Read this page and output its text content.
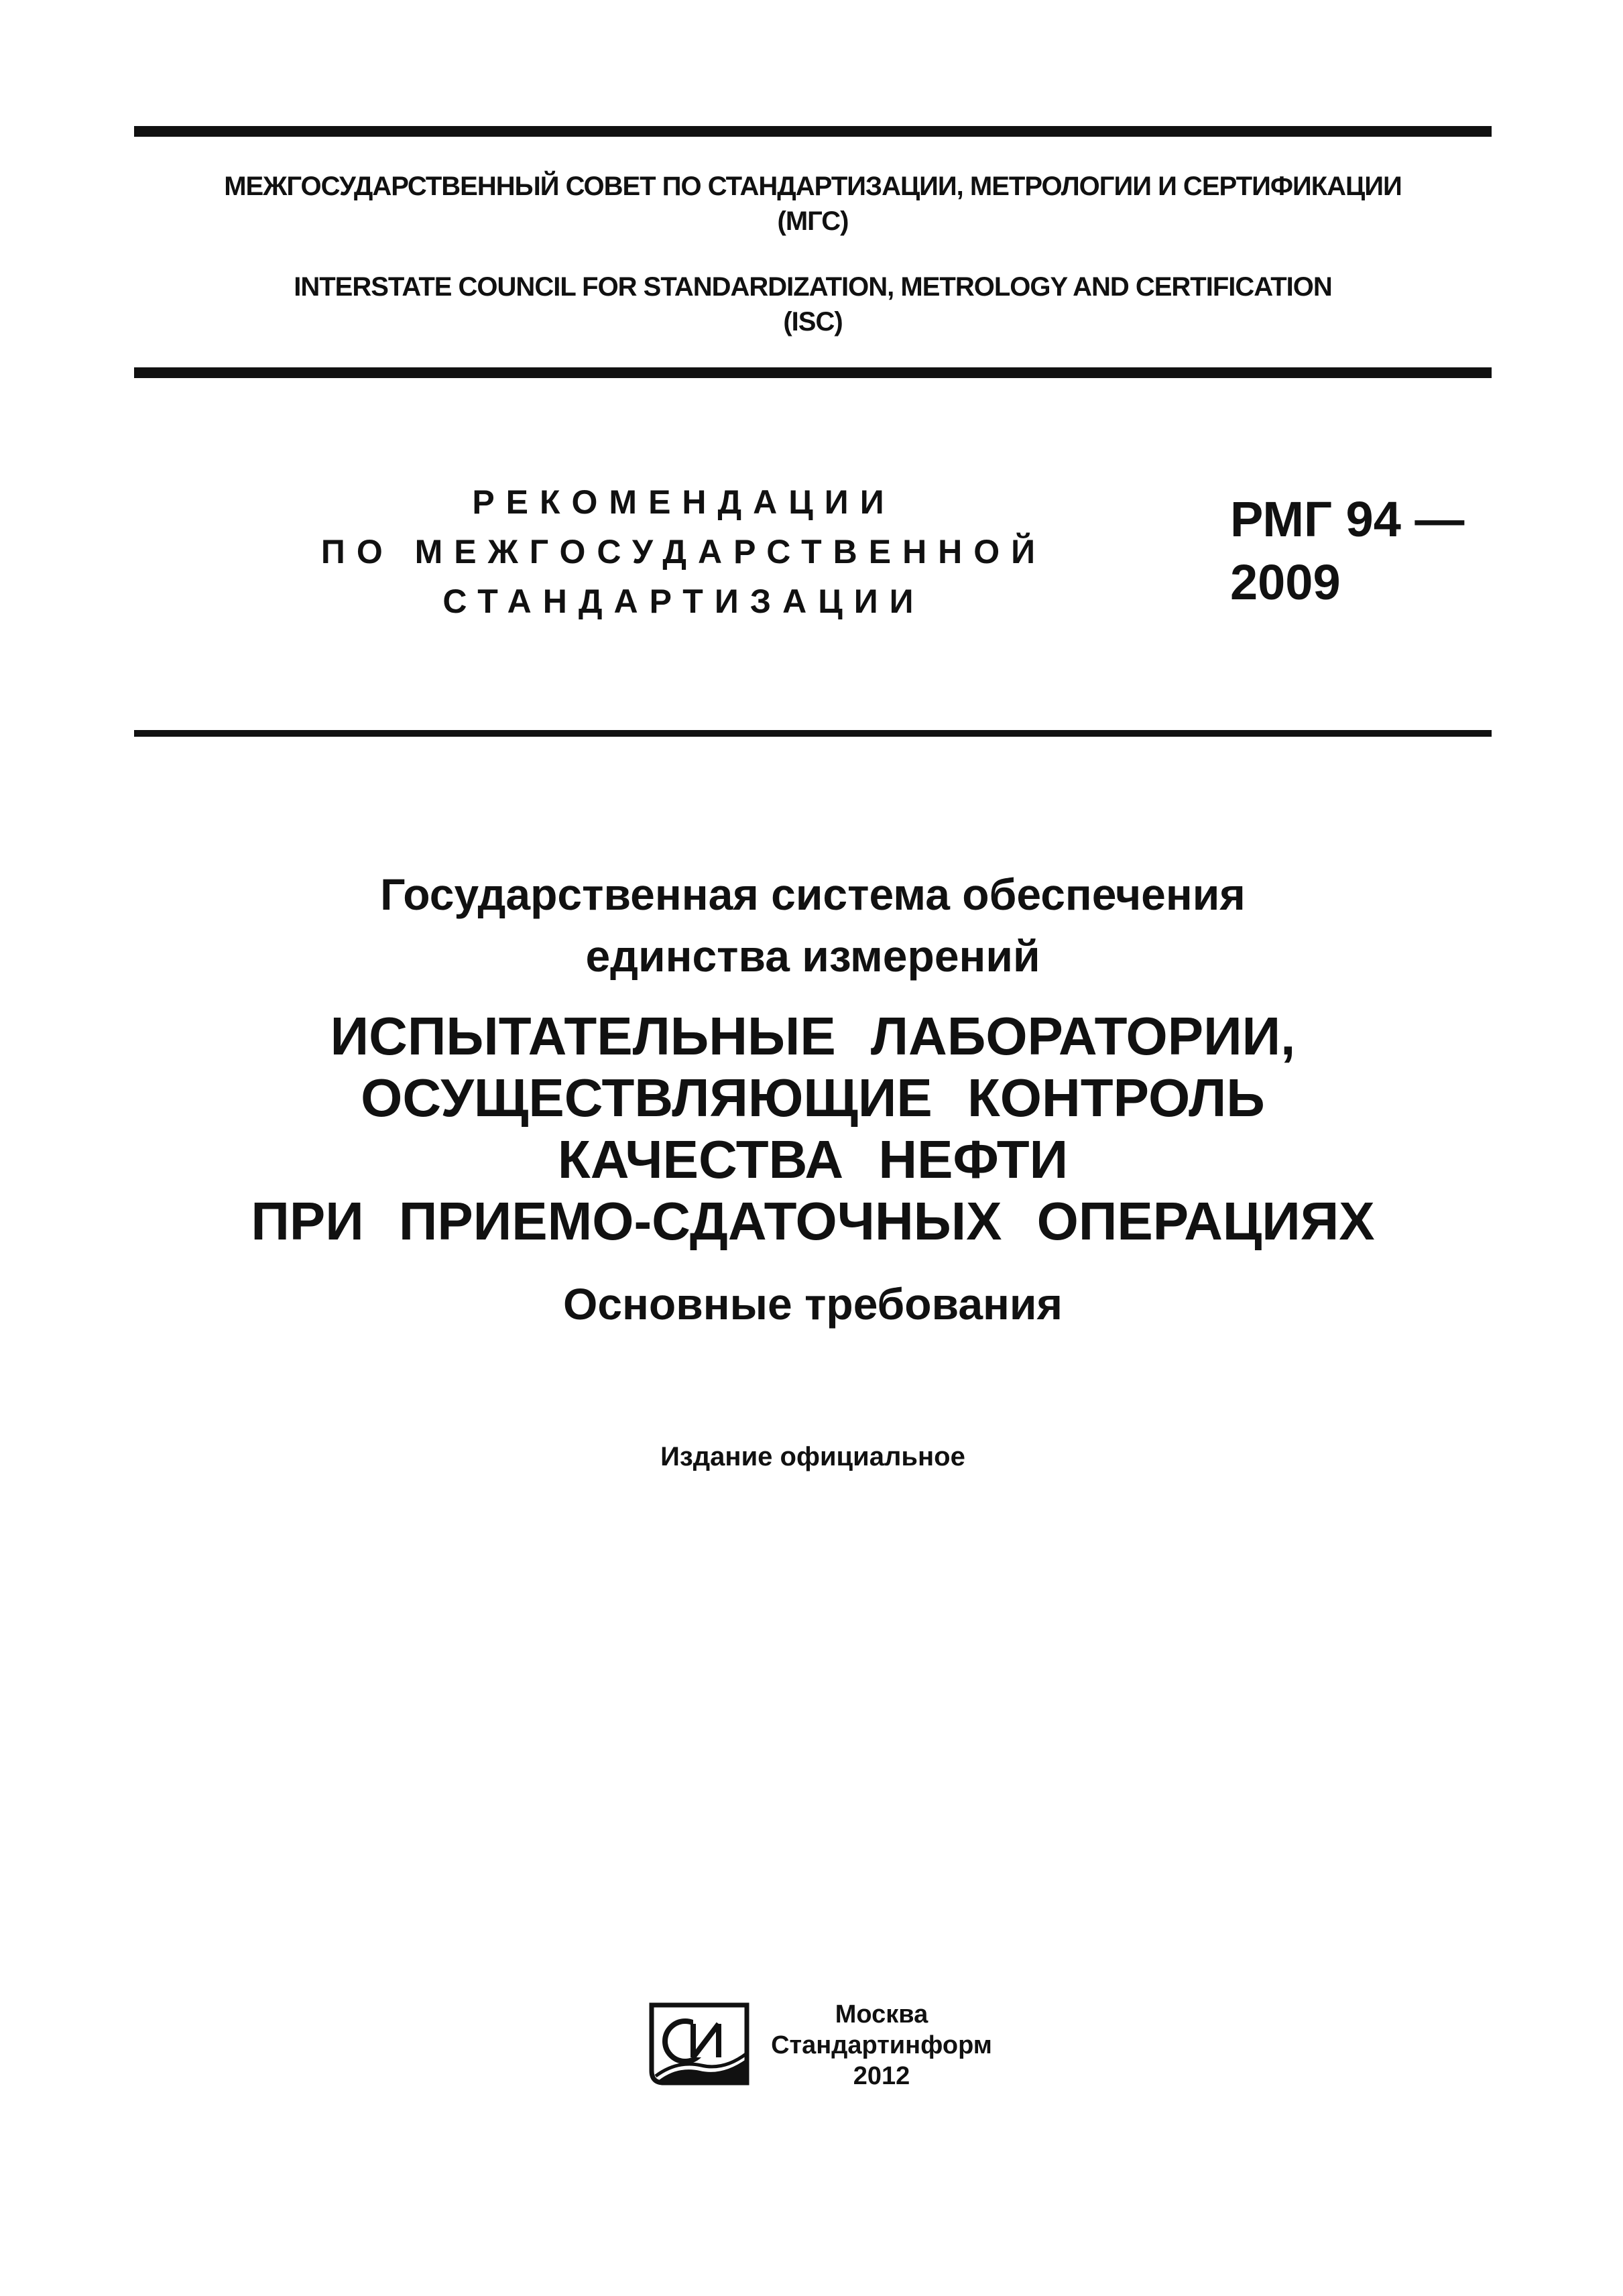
МЕЖГОСУДАРСТВЕННЫЙ СОВЕТ ПО СТАНДАРТИЗАЦИИ, МЕТРОЛОГИИ И СЕРТИФИКАЦИИ
(МГС)
INTERSTATE COUNCIL FOR STANDARDIZATION, METROLOGY AND CERTIFICATION
(ISC)
РЕКОМЕНДАЦИИ
ПО МЕЖГОСУДАРСТВЕННОЙ
СТАНДАРТИЗАЦИИ
РМГ 94 —
2009
Государственная система обеспечения
единства измерений
ИСПЫТАТЕЛЬНЫЕ ЛАБОРАТОРИИ,
ОСУЩЕСТВЛЯЮЩИЕ КОНТРОЛЬ
КАЧЕСТВА НЕФТИ
ПРИ ПРИЕМО-СДАТОЧНЫХ ОПЕРАЦИЯХ
Основные требования
Издание официальное
Москва
Стандартинформ
2012
